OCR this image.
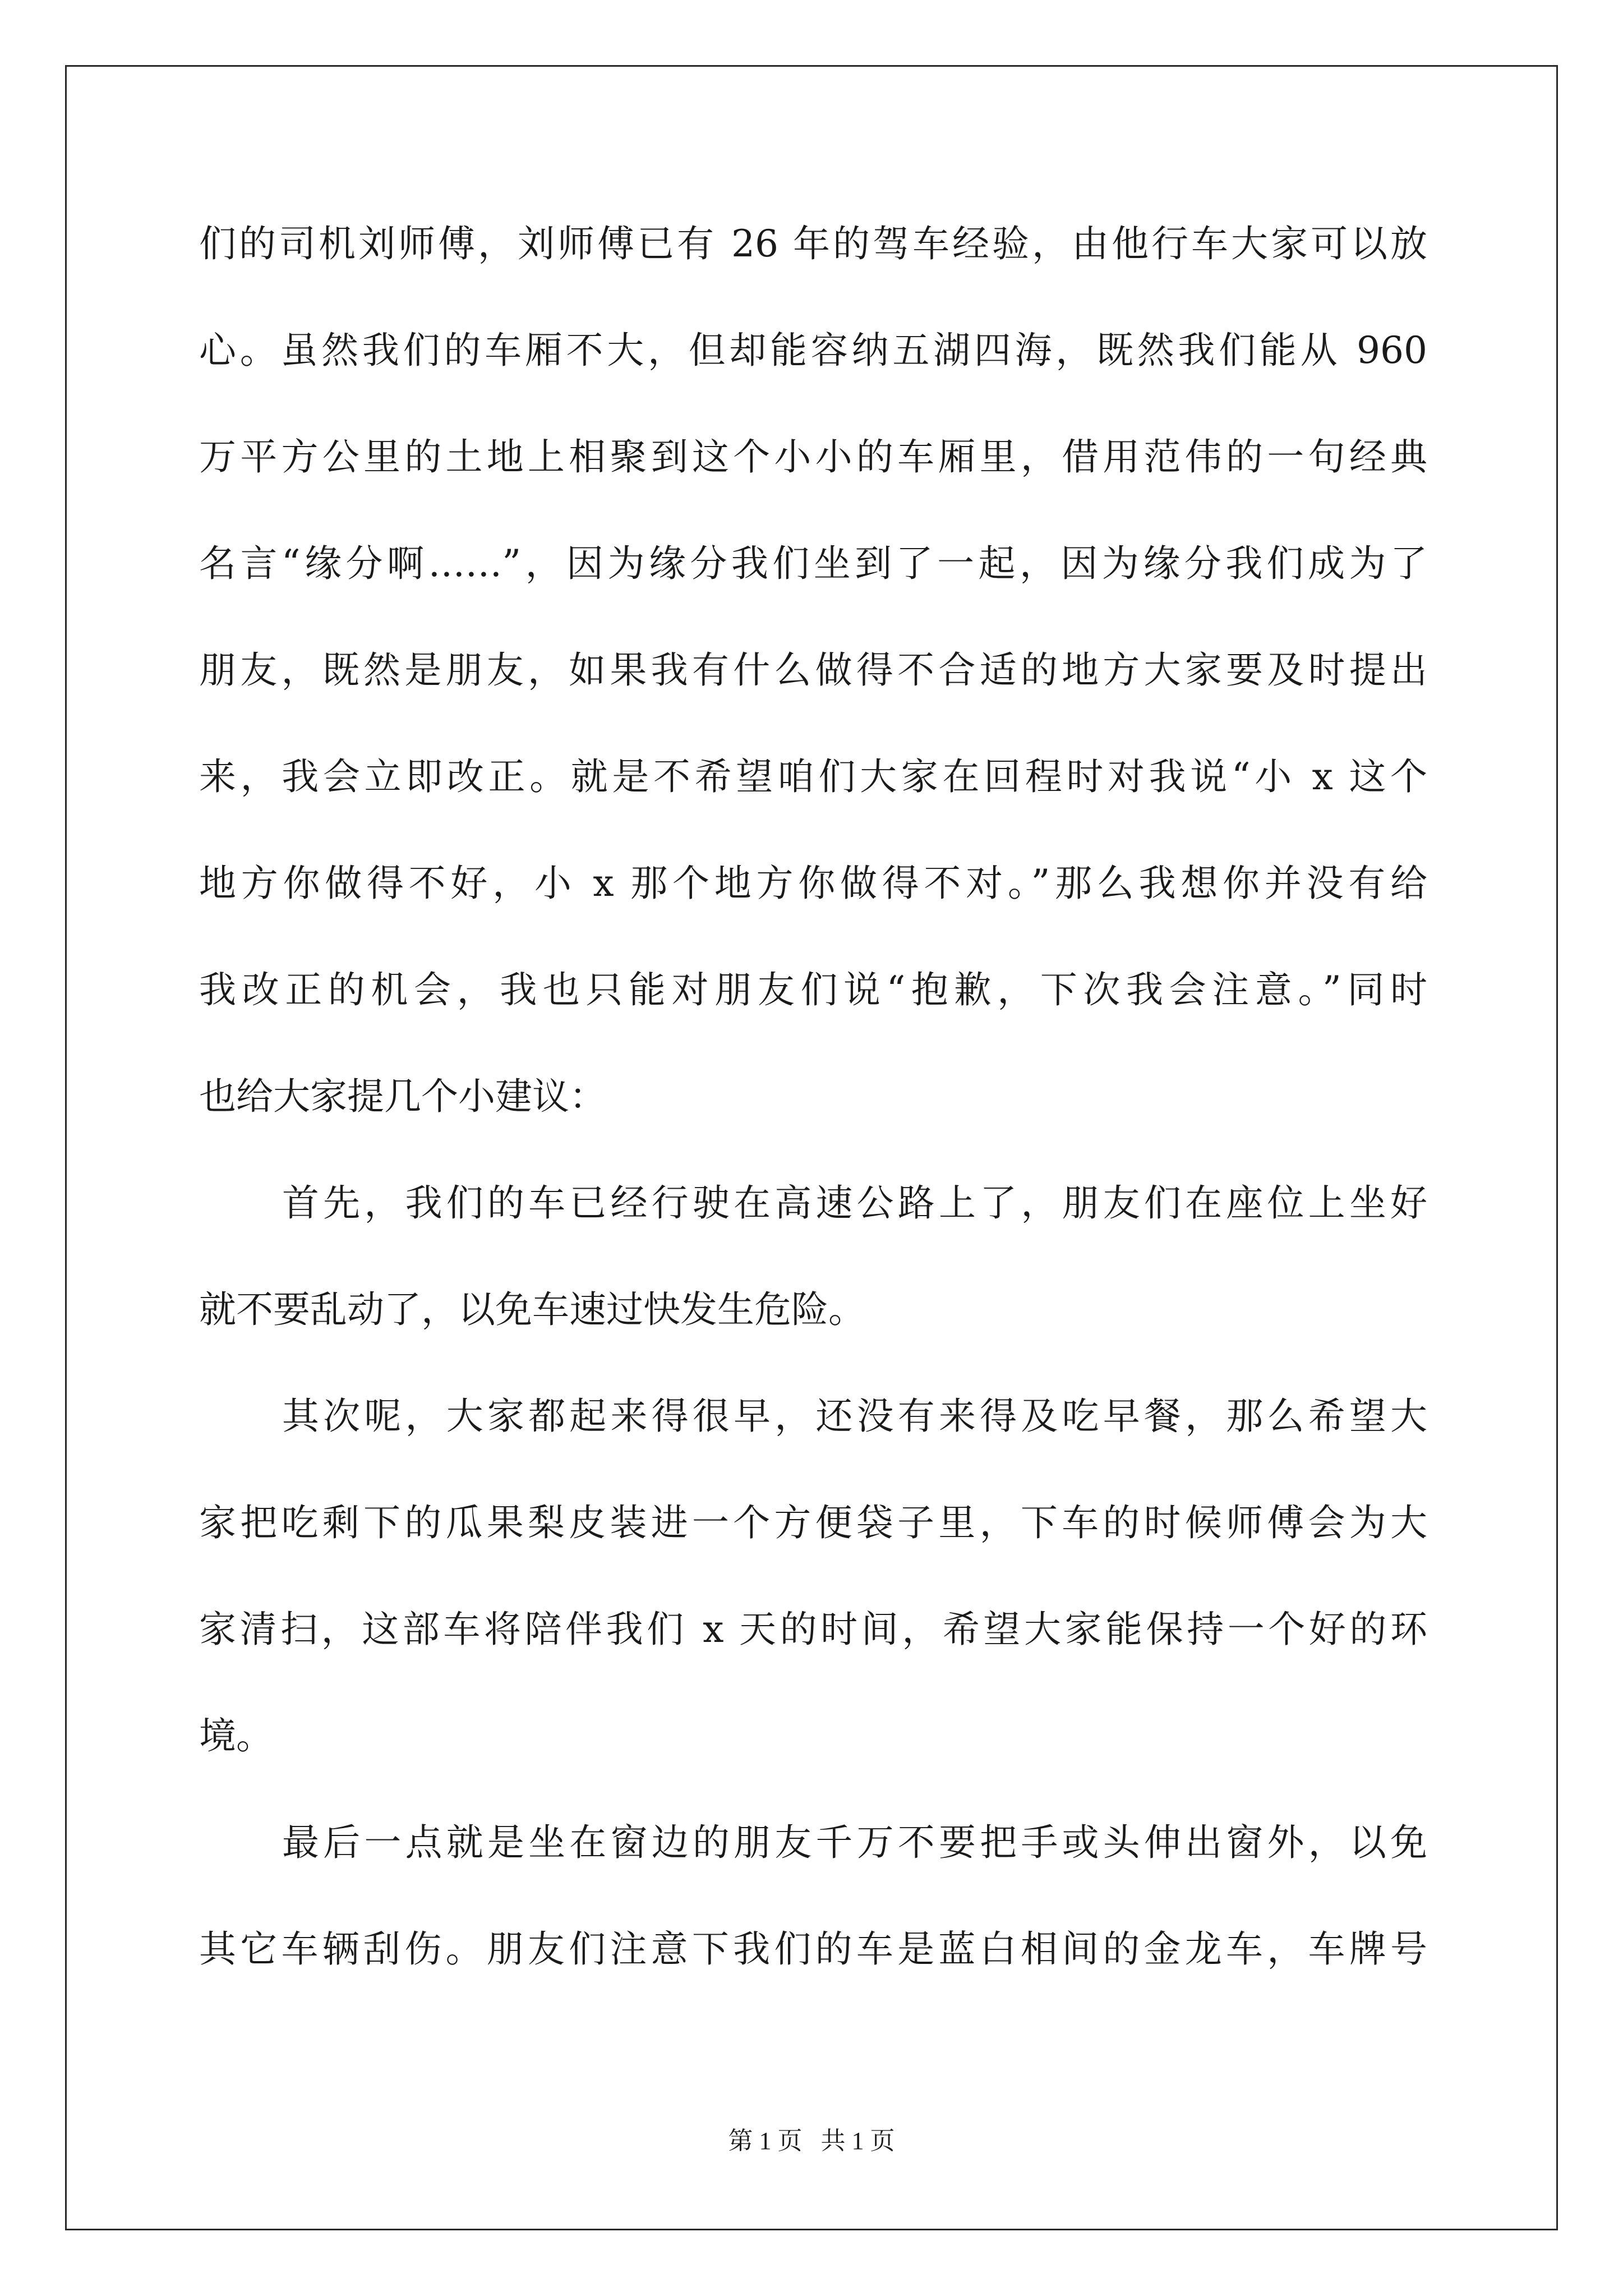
们的司机刘师傅，刘师傅已有 26 年的驾车经验，由他行车大家可以放
心。虽然我们的车厢不大，但却能容纳五湖四海，既然我们能从 960
万平方公里的土地上相聚到这个小小的车厢里，借用范伟的一句经典
名言“缘分啊……”，因为缘分我们坐到了一起，因为缘分我们成为了
朋友，既然是朋友，如果我有什么做得不合适的地方大家要及时提出
来，我会立即改正。就是不希望咱们大家在回程时对我说“小 x 这个
地方你做得不好，小 x 那个地方你做得不对。”那么我想你并没有给
我改正的机会，我也只能对朋友们说“抱歉，下次我会注意。”同时
也给大家提几个小建议：
首先，我们的车已经行驶在高速公路上了，朋友们在座位上坐好
就不要乱动了，以免车速过快发生危险。
其次呢，大家都起来得很早，还没有来得及吃早餐，那么希望大
家把吃剩下的瓜果梨皮装进一个方便袋子里，下车的时候师傅会为大
家清扫，这部车将陪伴我们 x 天的时间，希望大家能保持一个好的环
境。
最后一点就是坐在窗边的朋友千万不要把手或头伸出窗外，以免
其它车辆刮伤。朋友们注意下我们的车是蓝白相间的金龙车，车牌号
第 1 页 共 1 页
